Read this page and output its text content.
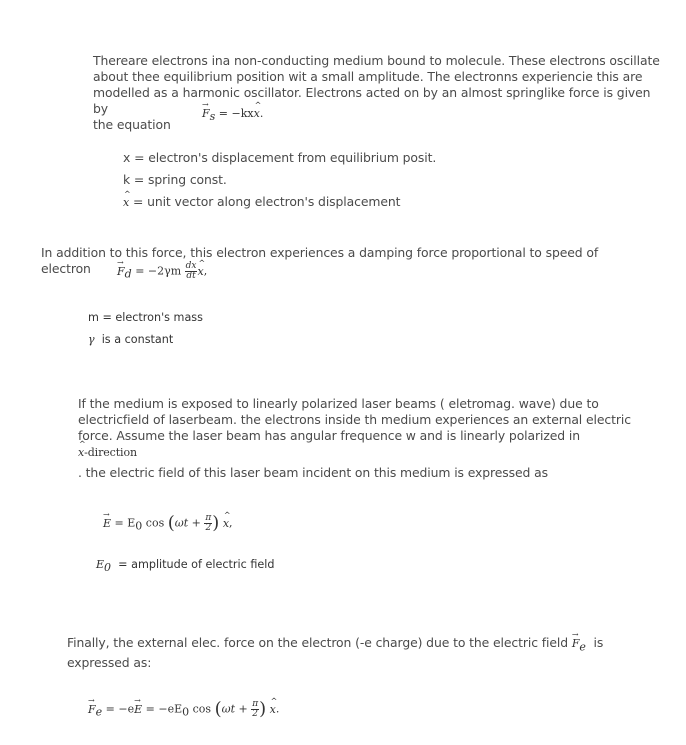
Thereare electrons ina non-conducting medium bound to molecule. These electrons oscillate
about thee equilibrium position wit a small amplitude. The electronns experiencie this are
modelled as a harmonic oscillator. Electrons acted on by an almost springlike force is given by
the equation
→ $F_s$ = −kx^ x.
x = electron's displacement from equilibrium posit.
k = spring const.
^ x = unit vector along electron's displacement
In addition to this force, this electron experiences a damping force proportional to speed of
electron	→ $F_d = -2\gamma m \frac{dx}{dt}$ ^ x,
m = electron's mass
γ is a constant
If the medium is exposed to linearly polarized laser beams ( eletromag. wave) due to
electricfield of laserbeam. the electrons inside th medium experiences an external electric
force. Assume the laser beam has angular frequence w and is linearly polarized in
^ x-direction
. the electric field of this laser beam incident on this medium is expressed as
→ $E = E_0$ $\cos (\omega t + \frac{\pi}{2}$ ) ^ x,
$E_0$ = amplitude of electric field
Finally, the external elec. force on the electron (-e charge) due to the electric field → $F_e$ is
expressed as:
→ $F_e = -e\to E = -eE_0$ $\cos (\omega t + \frac{\pi}{2}$ ) ^ x.
